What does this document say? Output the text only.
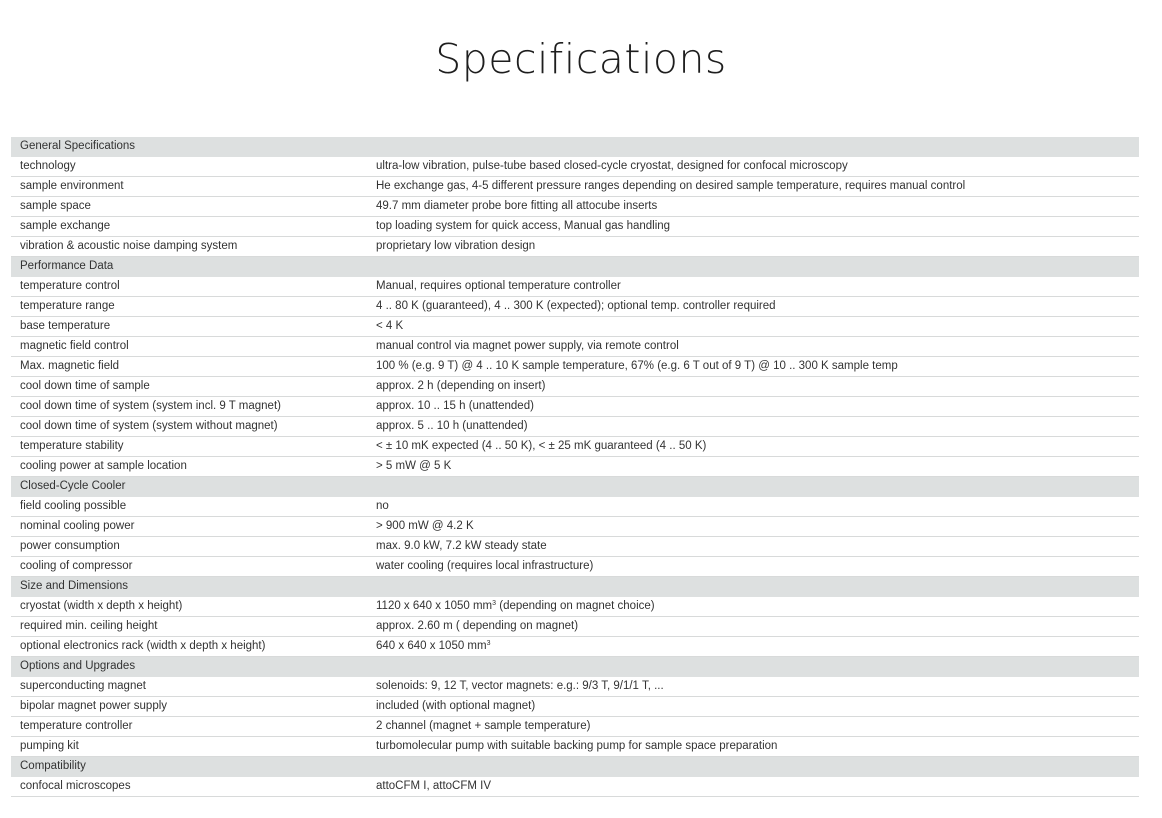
Specifications
General Specifications	
technology	ultra-low vibration, pulse-tube based closed-cycle cryostat, designed for confocal microscopy
sample environment	He exchange gas, 4-5 different pressure ranges depending on desired sample temperature, requires manual control
sample space	49.7 mm diameter probe bore fitting all attocube inserts
sample exchange	top loading system for quick access, Manual gas handling
vibration & acoustic noise damping system	proprietary low vibration design
Performance Data	
temperature control	Manual, requires optional temperature controller
temperature range	4 .. 80 K (guaranteed), 4 .. 300 K (expected); optional temp. controller required
base temperature	< 4 K
magnetic field control	manual control via magnet power supply, via remote control
Max. magnetic field	100 % (e.g. 9 T) @ 4 .. 10 K sample temperature, 67% (e.g. 6 T out of 9 T) @ 10 .. 300 K sample temp
cool down time of sample	approx. 2 h (depending on insert)
cool down time of system (system incl. 9 T magnet)	approx. 10 .. 15 h (unattended)
cool down time of system (system without magnet)	approx. 5 .. 10 h (unattended)
temperature stability	< ± 10 mK expected (4 .. 50 K), < ± 25 mK guaranteed (4 .. 50 K)
cooling power at sample location	> 5 mW @ 5 K
Closed-Cycle Cooler	
field cooling possible	no
nominal cooling power	> 900 mW @ 4.2 K
power consumption	max. 9.0 kW, 7.2 kW steady state
cooling of compressor	water cooling (requires local infrastructure)
Size and Dimensions	
cryostat (width x depth x height)	1120 x 640 x 1050 $mm^3$ (depending on magnet choice)
required min. ceiling height	approx. 2.60 m ( depending on magnet)
optional electronics rack (width x depth x height)	640 x 640 x 1050 $mm^3$
Options and Upgrades	
superconducting magnet	solenoids: 9, 12 T, vector magnets: e.g.: 9/3 T, 9/1/1 T, ...
bipolar magnet power supply	included (with optional magnet)
temperature controller	2 channel (magnet + sample temperature)
pumping kit	turbomolecular pump with suitable backing pump for sample space preparation
Compatibility	
confocal microscopes	attoCFM I, attoCFM IV
